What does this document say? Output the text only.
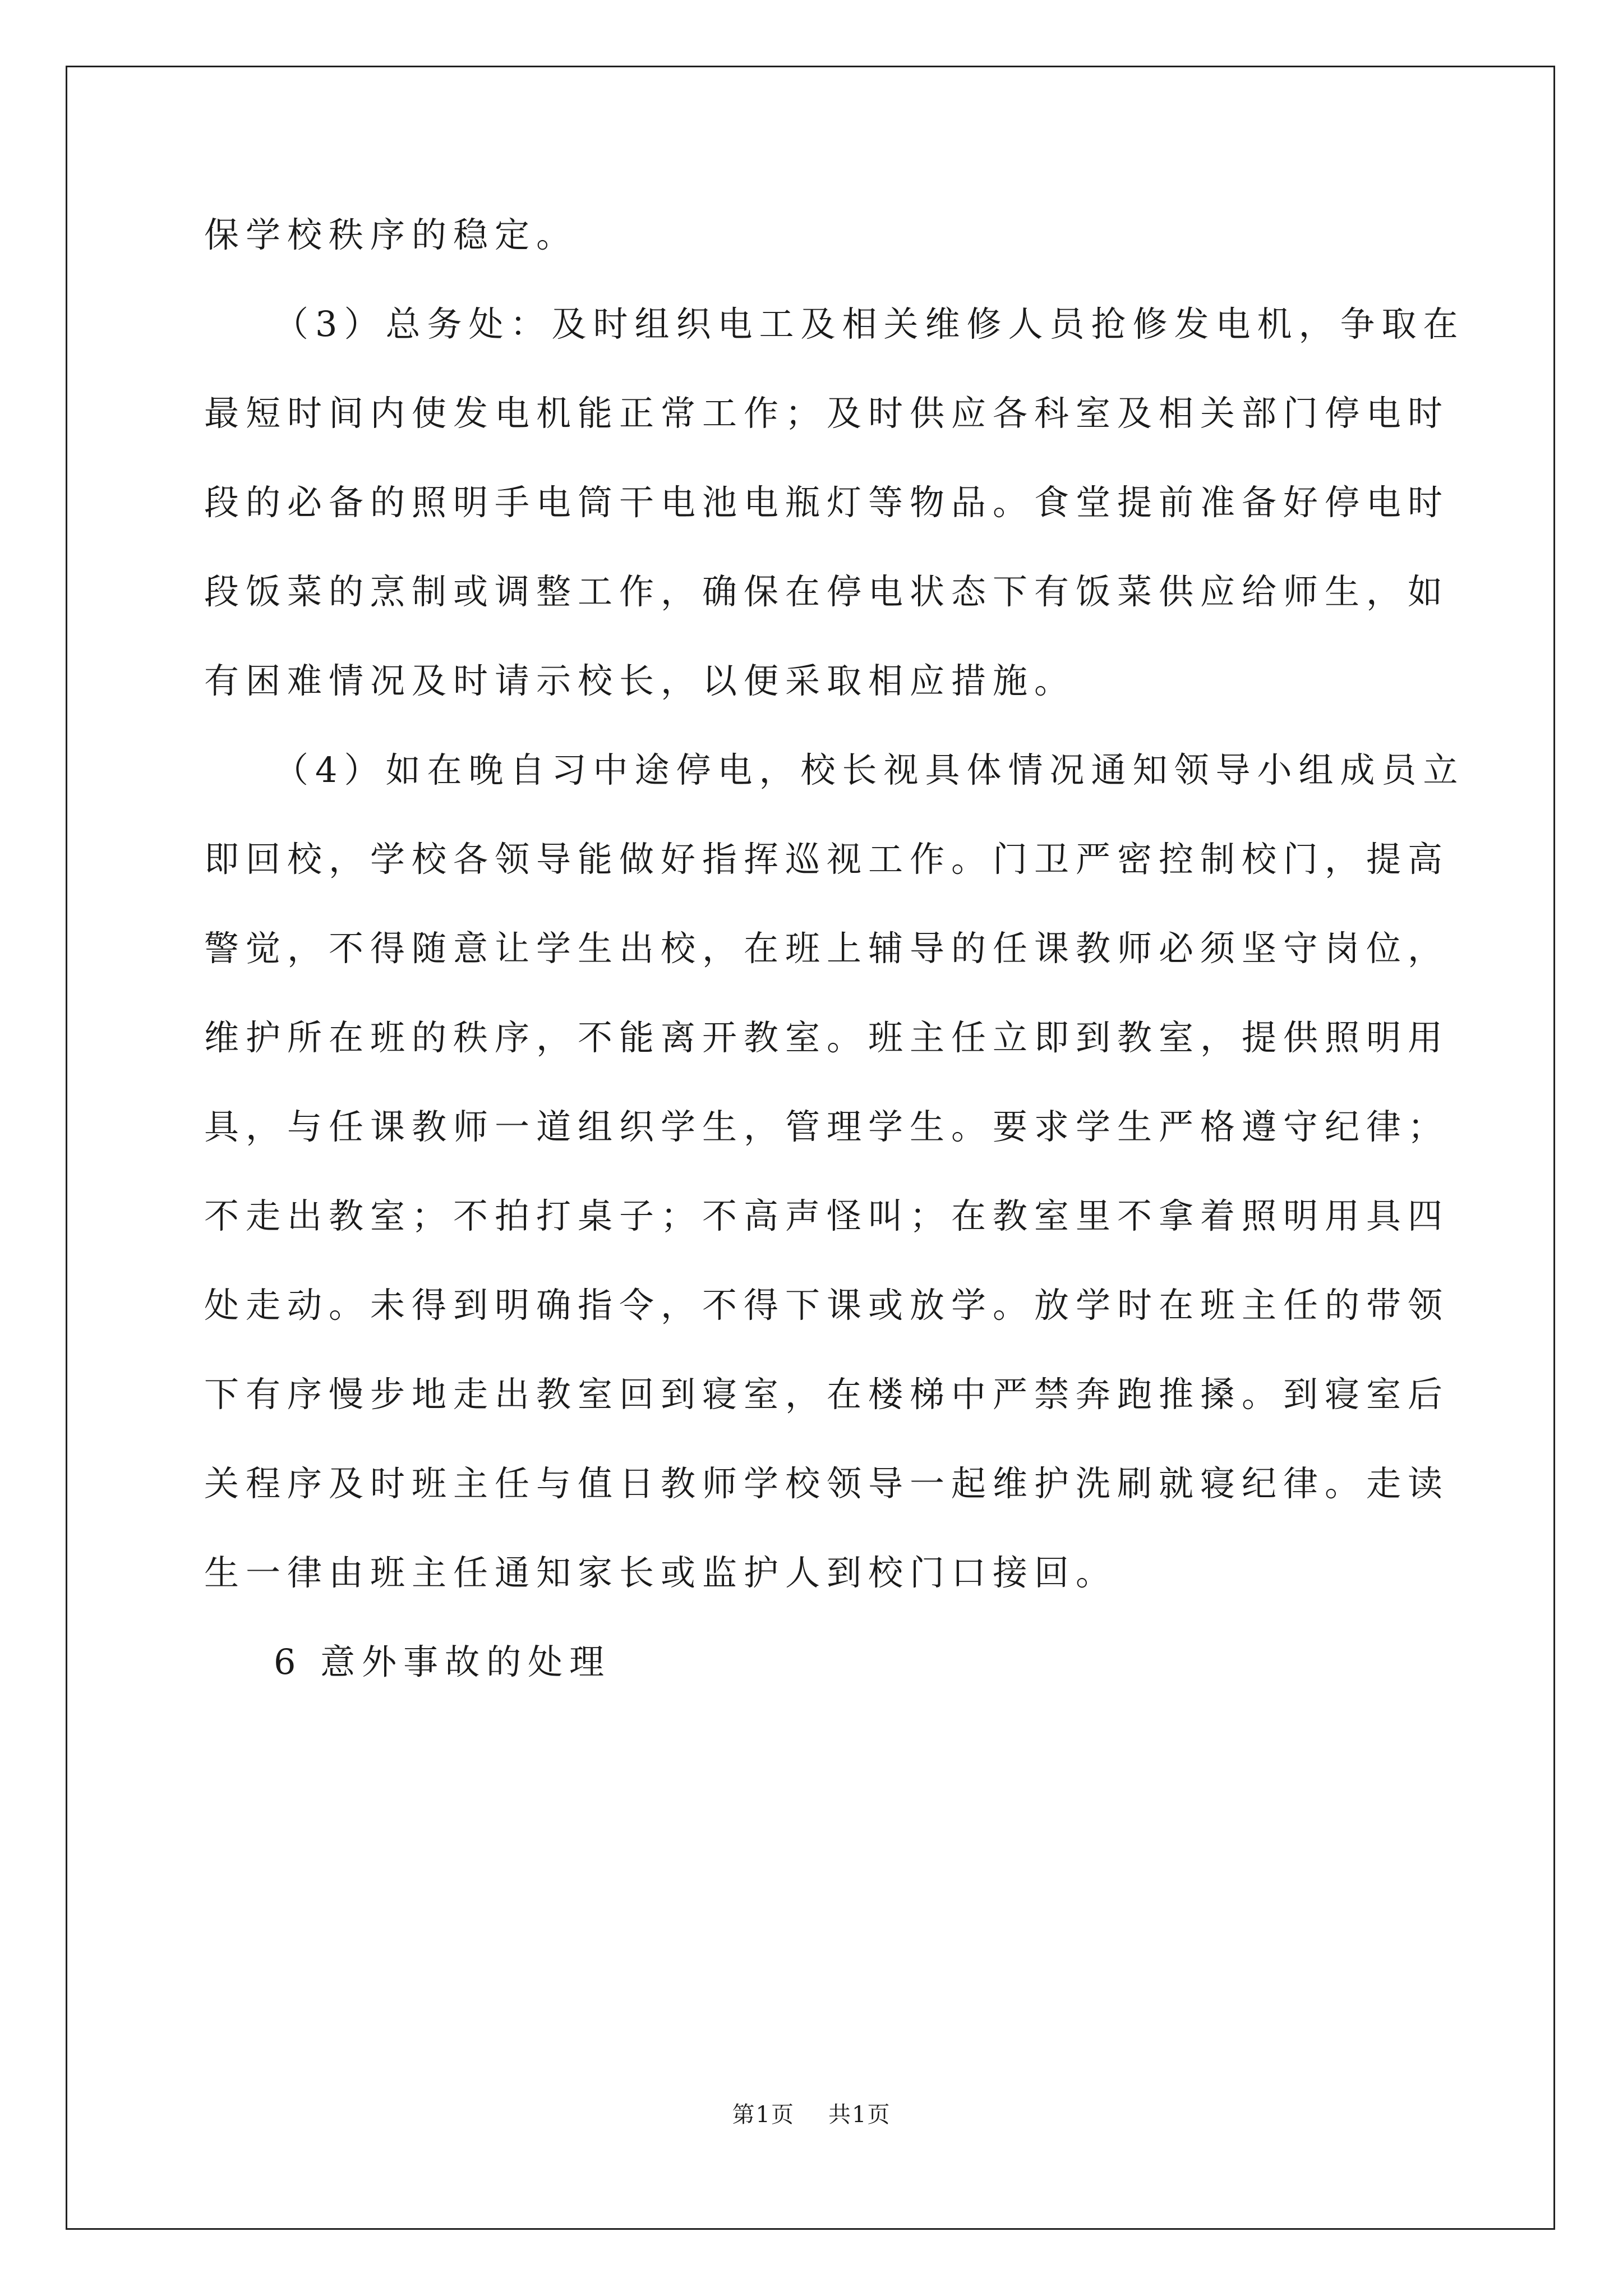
保学校秩序的稳定。
（3）总务处：及时组织电工及相关维修人员抢修发电机，争取在
最短时间内使发电机能正常工作；及时供应各科室及相关部门停电时
段的必备的照明手电筒干电池电瓶灯等物品。食堂提前准备好停电时
段饭菜的烹制或调整工作，确保在停电状态下有饭菜供应给师生，如
有困难情况及时请示校长，以便采取相应措施。
（4）如在晚自习中途停电，校长视具体情况通知领导小组成员立
即回校，学校各领导能做好指挥巡视工作。门卫严密控制校门，提高
警觉，不得随意让学生出校，在班上辅导的任课教师必须坚守岗位，
维护所在班的秩序，不能离开教室。班主任立即到教室，提供照明用
具，与任课教师一道组织学生，管理学生。要求学生严格遵守纪律；
不走出教室；不拍打桌子；不高声怪叫；在教室里不拿着照明用具四
处走动。未得到明确指令，不得下课或放学。放学时在班主任的带领
下有序慢步地走出教室回到寝室，在楼梯中严禁奔跑推搡。到寝室后
关程序及时班主任与值日教师学校领导一起维护洗刷就寝纪律。走读
生一律由班主任通知家长或监护人到校门口接回。
6 意外事故的处理
第1页 共1页
